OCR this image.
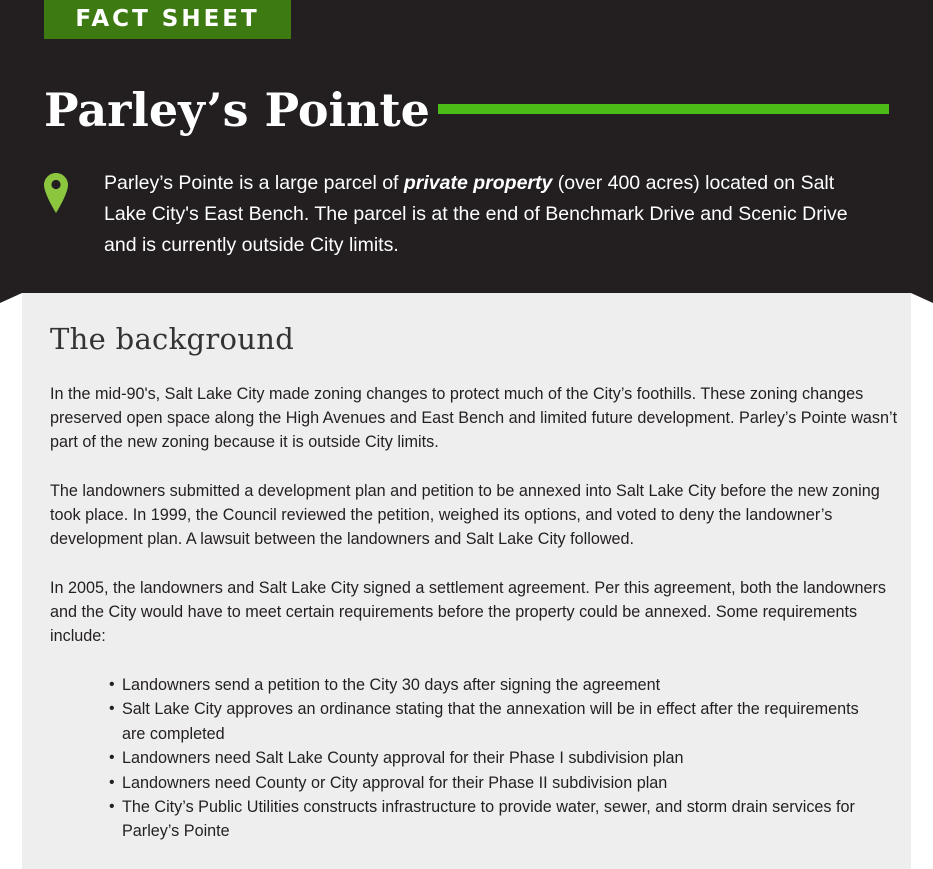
FACT SHEET
Parley’s Pointe

Parley’s Pointe is a large parcel of private property (over 400 acres) located on Salt Lake City's East Bench. The parcel is at the end of Benchmark Drive and Scenic Drive and is currently outside City limits.

The background

In the mid-90's, Salt Lake City made zoning changes to protect much of the City’s foothills. These zoning changes preserved open space along the High Avenues and East Bench and limited future development. Parley’s Pointe wasn’t part of the new zoning because it is outside City limits.

The landowners submitted a development plan and petition to be annexed into Salt Lake City before the new zoning took place. In 1999, the Council reviewed the petition, weighed its options, and voted to deny the landowner’s development plan. A lawsuit between the landowners and Salt Lake City followed.

In 2005, the landowners and Salt Lake City signed a settlement agreement. Per this agreement, both the landowners and the City would have to meet certain requirements before the property could be annexed. Some requirements include:

• Landowners send a petition to the City 30 days after signing the agreement
• Salt Lake City approves an ordinance stating that the annexation will be in effect after the requirements are completed
• Landowners need Salt Lake County approval for their Phase I subdivision plan
• Landowners need County or City approval for their Phase II subdivision plan
• The City’s Public Utilities constructs infrastructure to provide water, sewer, and storm drain services for Parley’s Pointe
